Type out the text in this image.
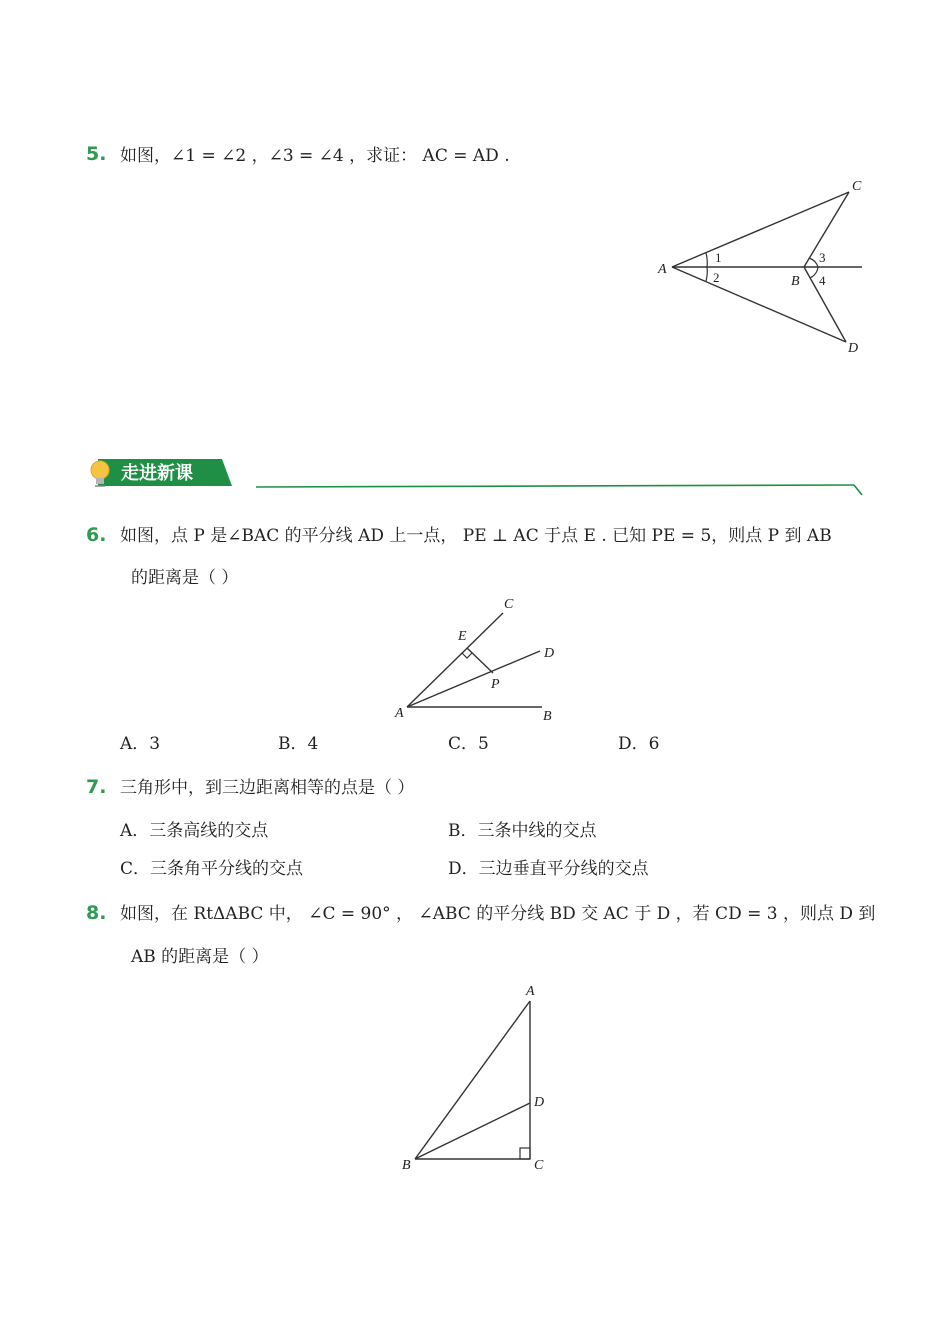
5. 如图，∠1 = ∠2 ，∠3 = ∠4 ，求证： AC = AD .
A
B
C
D
1
2
3
4
走进新课
6. 如图，点 P 是∠BAC 的平分线 AD 上一点， PE ⊥ AC 于点 E . 已知 PE = 5，则点 P 到 AB
的距离是（ ）
A	B
C
D
E
P
A．3	B．4	C．5	D．6
7. 三角形中，到三边距离相等的点是（ ）
A．三条高线的交点	B．三条中线的交点
C．三条角平分线的交点	D．三边垂直平分线的交点
8. 如图，在 RtΔABC 中， ∠C = 90° ， ∠ABC 的平分线 BD 交 AC 于 D ，若 CD = 3 ，则点 D 到
AB 的距离是（ ）
A
B	C
D
